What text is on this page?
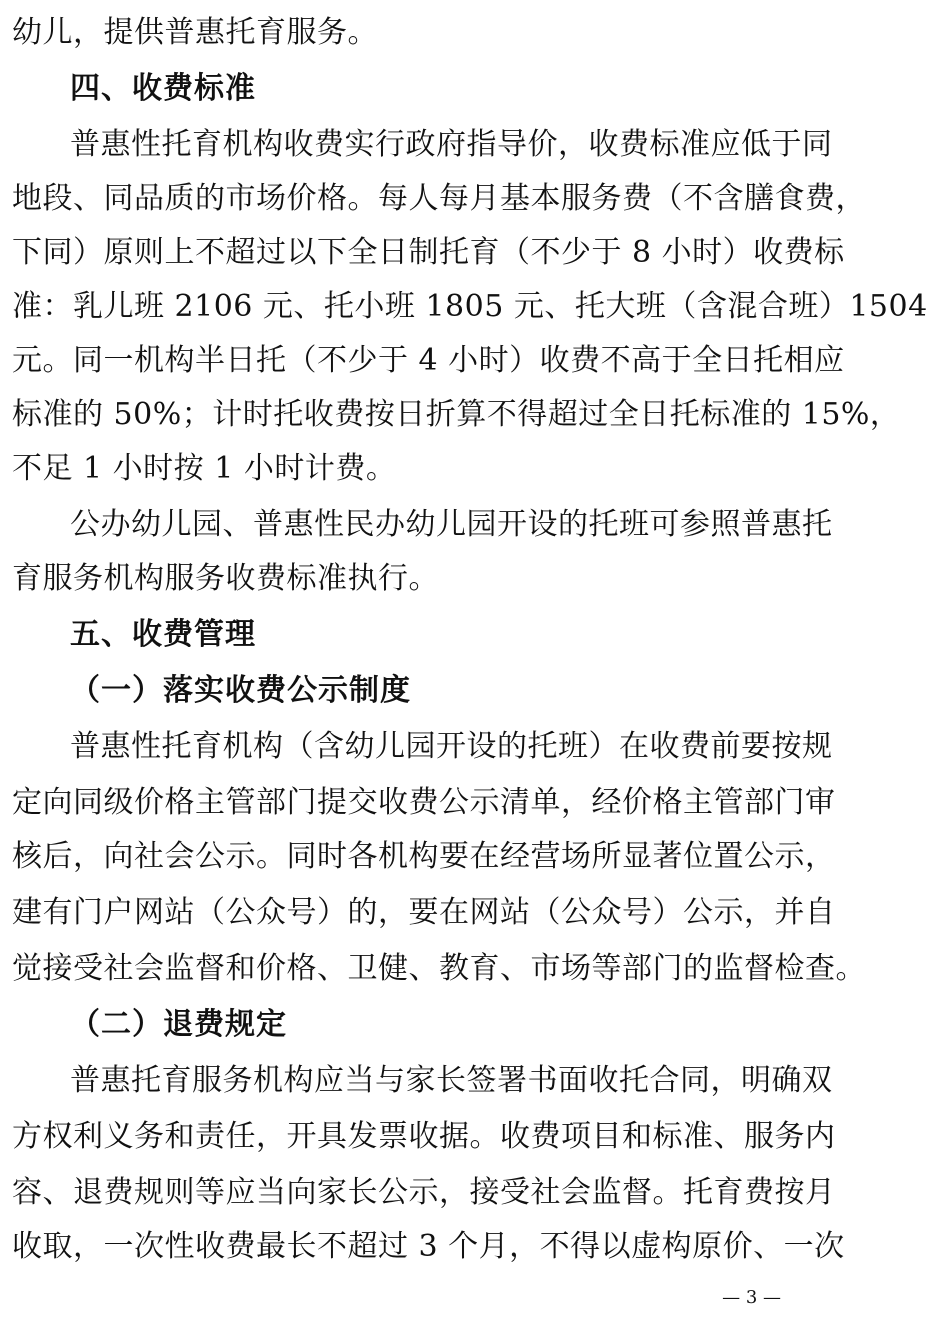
幼儿，提供普惠托育服务。
四、收费标准
普惠性托育机构收费实行政府指导价，收费标准应低于同
地段、同品质的市场价格。每人每月基本服务费（不含膳食费，
下同）原则上不超过以下全日制托育（不少于 8 小时）收费标
准：乳儿班 2106 元、托小班 1805 元、托大班（含混合班）1504
元。同一机构半日托（不少于 4 小时）收费不高于全日托相应
标准的 50%；计时托收费按日折算不得超过全日托标准的 15%，
不足 1 小时按 1 小时计费。
公办幼儿园、普惠性民办幼儿园开设的托班可参照普惠托
育服务机构服务收费标准执行。
五、收费管理
（一）落实收费公示制度
普惠性托育机构（含幼儿园开设的托班）在收费前要按规
定向同级价格主管部门提交收费公示清单，经价格主管部门审
核后，向社会公示。同时各机构要在经营场所显著位置公示，
建有门户网站（公众号）的，要在网站（公众号）公示，并自
觉接受社会监督和价格、卫健、教育、市场等部门的监督检查。
（二）退费规定
普惠托育服务机构应当与家长签署书面收托合同，明确双
方权利义务和责任，开具发票收据。收费项目和标准、服务内
— 3 —
容、退费规则等应当向家长公示，接受社会监督。托育费按月
收取，一次性收费最长不超过 3 个月，不得以虚构原价、一次
